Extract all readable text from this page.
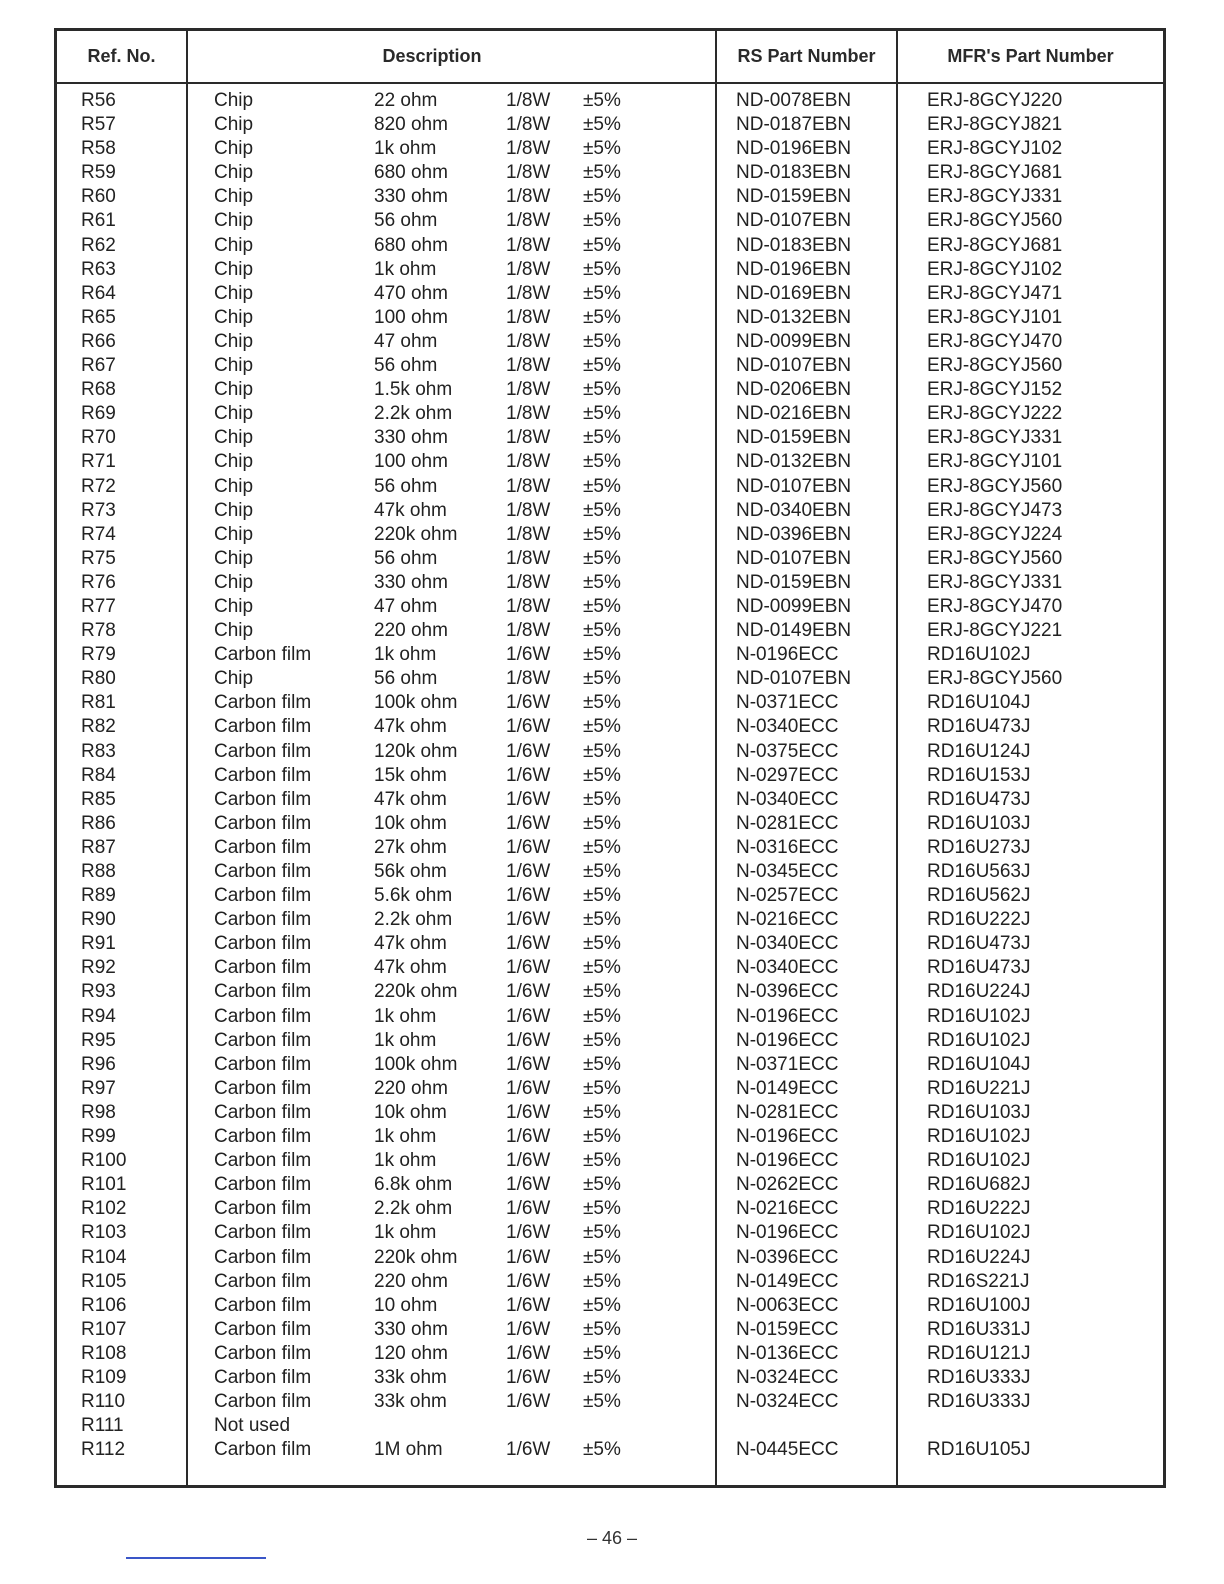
Ref. No.	Description	RS Part Number	MFR's Part Number
R56	Chip	22 ohm	1/8W ±5%	ND-0078EBN	ERJ-8GCYJ220
R57	Chip	820 ohm	1/8W ±5%	ND-0187EBN	ERJ-8GCYJ821
R58	Chip	1k ohm	1/8W ±5%	ND-0196EBN	ERJ-8GCYJ102
R59	Chip	680 ohm	1/8W ±5%	ND-0183EBN	ERJ-8GCYJ681
R60	Chip	330 ohm	1/8W ±5%	ND-0159EBN	ERJ-8GCYJ331
R61	Chip	56 ohm	1/8W ±5%	ND-0107EBN	ERJ-8GCYJ560
R62	Chip	680 ohm	1/8W ±5%	ND-0183EBN	ERJ-8GCYJ681
R63	Chip	1k ohm	1/8W ±5%	ND-0196EBN	ERJ-8GCYJ102
R64	Chip	470 ohm	1/8W ±5%	ND-0169EBN	ERJ-8GCYJ471
R65	Chip	100 ohm	1/8W ±5%	ND-0132EBN	ERJ-8GCYJ101
R66	Chip	47 ohm	1/8W ±5%	ND-0099EBN	ERJ-8GCYJ470
R67	Chip	56 ohm	1/8W ±5%	ND-0107EBN	ERJ-8GCYJ560
R68	Chip	1.5k ohm	1/8W ±5%	ND-0206EBN	ERJ-8GCYJ152
R69	Chip	2.2k ohm	1/8W ±5%	ND-0216EBN	ERJ-8GCYJ222
R70	Chip	330 ohm	1/8W ±5%	ND-0159EBN	ERJ-8GCYJ331
R71	Chip	100 ohm	1/8W ±5%	ND-0132EBN	ERJ-8GCYJ101
R72	Chip	56 ohm	1/8W ±5%	ND-0107EBN	ERJ-8GCYJ560
R73	Chip	47k ohm	1/8W ±5%	ND-0340EBN	ERJ-8GCYJ473
R74	Chip	220k ohm	1/8W ±5%	ND-0396EBN	ERJ-8GCYJ224
R75	Chip	56 ohm	1/8W ±5%	ND-0107EBN	ERJ-8GCYJ560
R76	Chip	330 ohm	1/8W ±5%	ND-0159EBN	ERJ-8GCYJ331
R77	Chip	47 ohm	1/8W ±5%	ND-0099EBN	ERJ-8GCYJ470
R78	Chip	220 ohm	1/8W ±5%	ND-0149EBN	ERJ-8GCYJ221
R79	Carbon film	1k ohm	1/6W ±5%	N-0196ECC	RD16U102J
R80	Chip	56 ohm	1/8W ±5%	ND-0107EBN	ERJ-8GCYJ560
R81	Carbon film	100k ohm	1/6W ±5%	N-0371ECC	RD16U104J
R82	Carbon film	47k ohm	1/6W ±5%	N-0340ECC	RD16U473J
R83	Carbon film	120k ohm	1/6W ±5%	N-0375ECC	RD16U124J
R84	Carbon film	15k ohm	1/6W ±5%	N-0297ECC	RD16U153J
R85	Carbon film	47k ohm	1/6W ±5%	N-0340ECC	RD16U473J
R86	Carbon film	10k ohm	1/6W ±5%	N-0281ECC	RD16U103J
R87	Carbon film	27k ohm	1/6W ±5%	N-0316ECC	RD16U273J
R88	Carbon film	56k ohm	1/6W ±5%	N-0345ECC	RD16U563J
R89	Carbon film	5.6k ohm	1/6W ±5%	N-0257ECC	RD16U562J
R90	Carbon film	2.2k ohm	1/6W ±5%	N-0216ECC	RD16U222J
R91	Carbon film	47k ohm	1/6W ±5%	N-0340ECC	RD16U473J
R92	Carbon film	47k ohm	1/6W ±5%	N-0340ECC	RD16U473J
R93	Carbon film	220k ohm	1/6W ±5%	N-0396ECC	RD16U224J
R94	Carbon film	1k ohm	1/6W ±5%	N-0196ECC	RD16U102J
R95	Carbon film	1k ohm	1/6W ±5%	N-0196ECC	RD16U102J
R96	Carbon film	100k ohm	1/6W ±5%	N-0371ECC	RD16U104J
R97	Carbon film	220 ohm	1/6W ±5%	N-0149ECC	RD16U221J
R98	Carbon film	10k ohm	1/6W ±5%	N-0281ECC	RD16U103J
R99	Carbon film	1k ohm	1/6W ±5%	N-0196ECC	RD16U102J
R100	Carbon film	1k ohm	1/6W ±5%	N-0196ECC	RD16U102J
R101	Carbon film	6.8k ohm	1/6W ±5%	N-0262ECC	RD16U682J
R102	Carbon film	2.2k ohm	1/6W ±5%	N-0216ECC	RD16U222J
R103	Carbon film	1k ohm	1/6W ±5%	N-0196ECC	RD16U102J
R104	Carbon film	220k ohm	1/6W ±5%	N-0396ECC	RD16U224J
R105	Carbon film	220 ohm	1/6W ±5%	N-0149ECC	RD16S221J
R106	Carbon film	10 ohm	1/6W ±5%	N-0063ECC	RD16U100J
R107	Carbon film	330 ohm	1/6W ±5%	N-0159ECC	RD16U331J
R108	Carbon film	120 ohm	1/6W ±5%	N-0136ECC	RD16U121J
R109	Carbon film	33k ohm	1/6W ±5%	N-0324ECC	RD16U333J
R110	Carbon film	33k ohm	1/6W ±5%	N-0324ECC	RD16U333J
R111	Not used
R112	Carbon film	1M ohm	1/6W ±5%	N-0445ECC	RD16U105J
– 46 –
